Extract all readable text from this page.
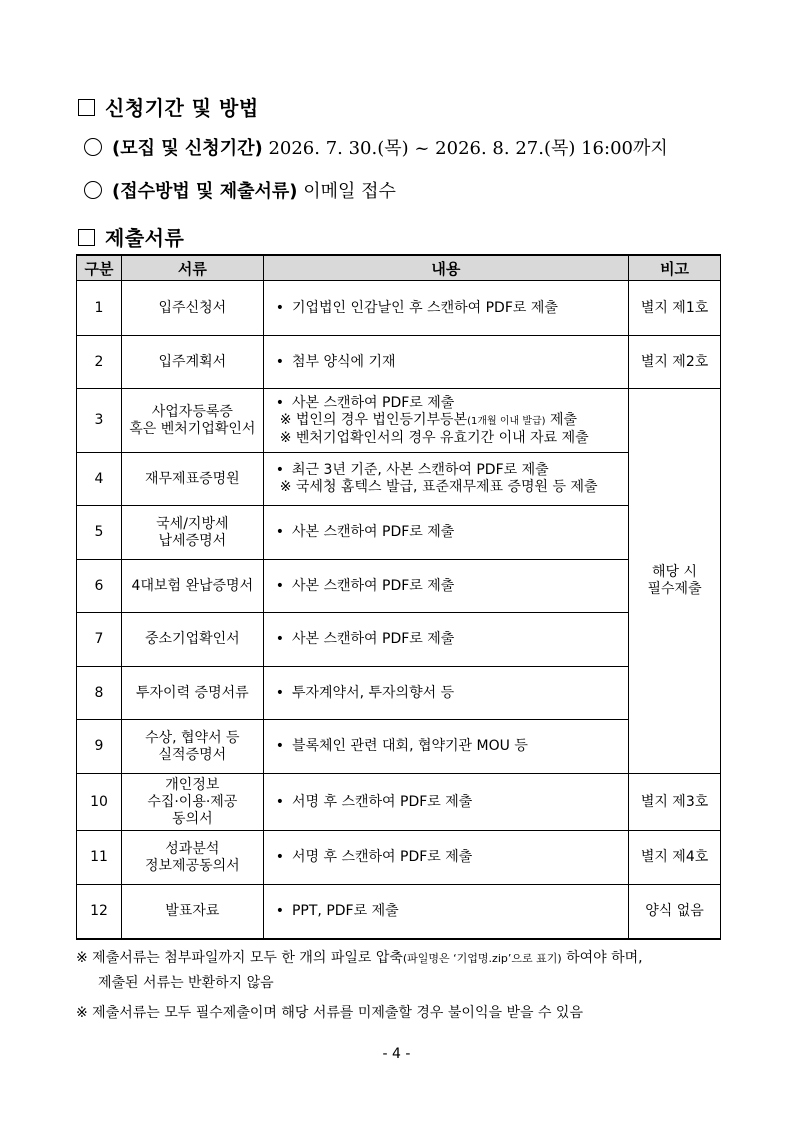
신청기간 및 방법
(모집 및 신청기간) 2026. 7. 30.(목) ~ 2026. 8. 27.(목) 16:00까지
(접수방법 및 제출서류) 이메일 접수
제출서류
구분	서류	내용	비고
1	입주신청서	• 기업법인 인감날인 후 스캔하여 PDF로 제출	별지 제1호
2	입주계획서	• 첨부 양식에 기재	별지 제2호
3	사업자등록증
혹은 벤처기업확인서	• 사본 스캔하여 PDF로 제출
※ 법인의 경우 법인등기부등본(1개월 이내 발급) 제출
※ 벤처기업확인서의 경우 유효기간 이내 자료 제출	해당 시
필수제출

4	재무제표증명원	• 최근 3년 기준, 사본 스캔하여 PDF로 제출
※ 국세청 홈텍스 발급, 표준재무제표 증명원 등 제출

5	국세/지방세
납세증명서	• 사본 스캔하여 PDF로 제출

6	4대보험 완납증명서	• 사본 스캔하여 PDF로 제출

7	중소기업확인서	• 사본 스캔하여 PDF로 제출

8	투자이력 증명서류	• 투자계약서, 투자의향서 등

9	수상, 협약서 등
실적증명서	• 블록체인 관련 대회, 협약기관 MOU 등

10	개인정보
수집·이용·제공
동의서	• 서명 후 스캔하여 PDF로 제출	별지 제3호
11	성과분석
정보제공동의서	• 서명 후 스캔하여 PDF로 제출	별지 제4호
12	발표자료	• PPT, PDF로 제출	양식 없음
※ 제출서류는 첨부파일까지 모두 한 개의 파일로 압축(파일명은 ‘기업명.zip’으로 표기) 하여야 하며,
제출된 서류는 반환하지 않음
※ 제출서류는 모두 필수제출이며 해당 서류를 미제출할 경우 불이익을 받을 수 있음
- 4 -
